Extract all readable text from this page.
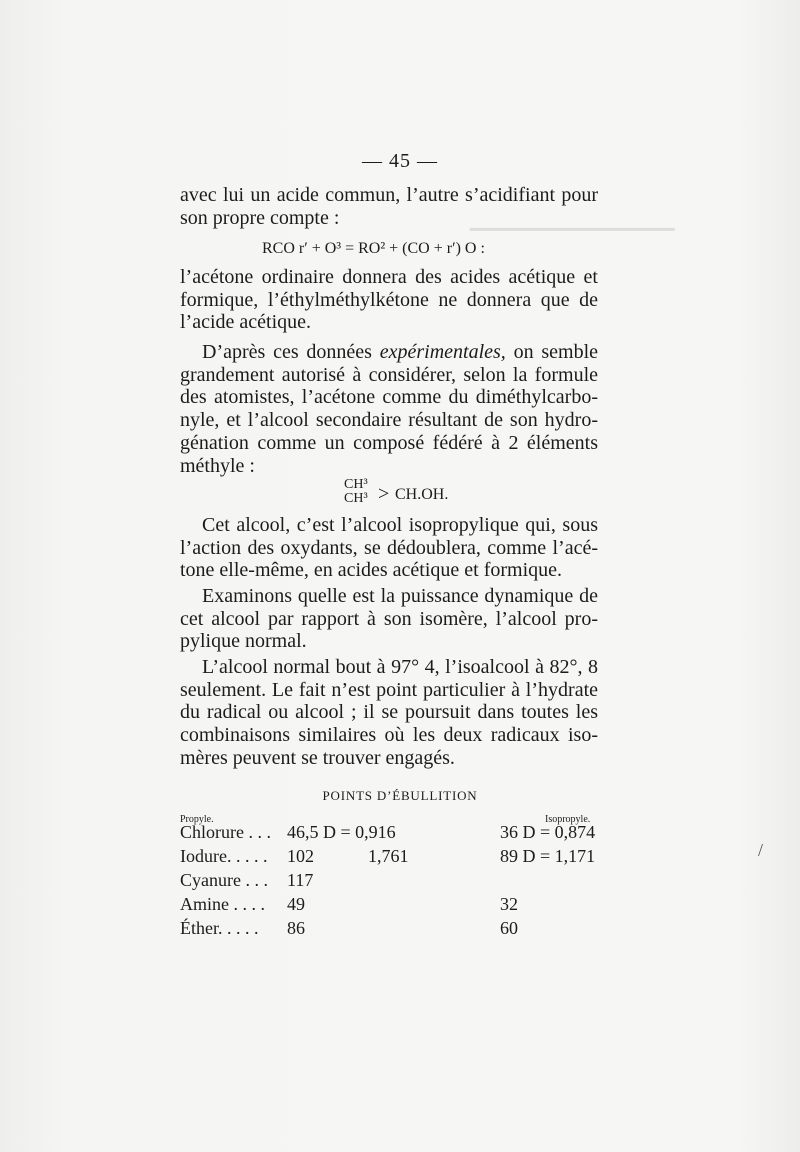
▁▁▁▁▁▁▁▁▁▁▁▁▁▁
— 45 —
avec lui un acide commun, l’autre s’acidifiant pour
son propre compte :
RCO r′ + O³ = RO² + (CO + r′) O :
l’acétone ordinaire donnera des acides acétique et
formique, l’éthylméthylkétone ne donnera que de
l’acide acétique.
D’après ces données expérimentales, on semble
grandement autorisé à considérer, selon la formule
des atomistes, l’acétone comme du diméthylcarbo-
nyle, et l’alcool secondaire résultant de son hydro-
génation comme un composé fédéré à 2 éléments
méthyle :
CH³
CH³ > CH.OH.
Cet alcool, c’est l’alcool isopropylique qui, sous
l’action des oxydants, se dédoublera, comme l’acé-
tone elle-même, en acides acétique et formique.
Examinons quelle est la puissance dynamique de
cet alcool par rapport à son isomère, l’alcool pro-
pylique normal.
L’alcool normal bout à 97° 4, l’isoalcool à 82°, 8
seulement. Le fait n’est point particulier à l’hydrate
du radical ou alcool ; il se poursuit dans toutes les
combinaisons similaires où les deux radicaux iso-
mères peuvent se trouver engagés.
POINTS D’ÉBULLITION
Propyle.	Isopropyle.
Chlorure . . . 46,5 D = 0,916	36 D = 0,874
Iodure. . . . . 102	1,761	89 D = 1,171
Cyanure . . . 117
Amine . . . . 49	32
Éther. . . . . 86	60
/
